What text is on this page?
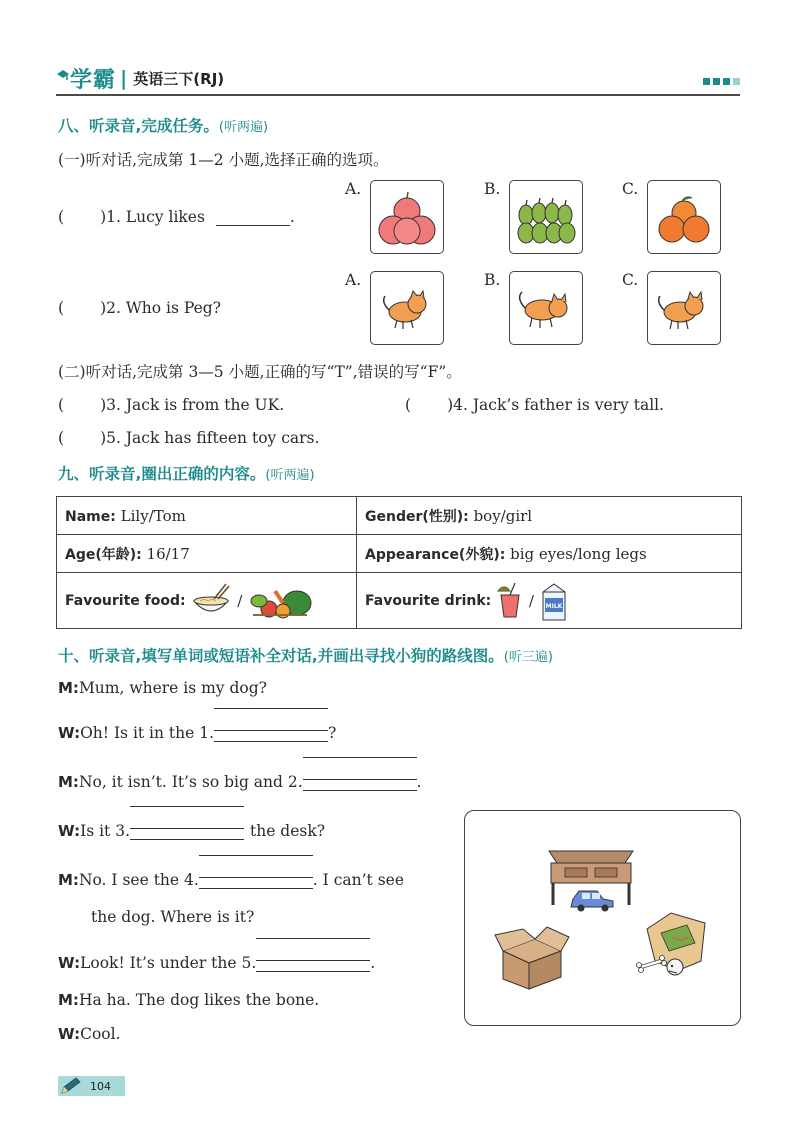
学霸 | 英语三下(RJ)
八、听录音,完成任务。(听两遍)
(一)听对话,完成第 1—2 小题,选择正确的选项。
( )1. Lucy likes	.
A.	B.	C.
( )2. Who is Peg?
A.	B.	C.
(二)听对话,完成第 3—5 小题,正确的写“T”,错误的写“F”。
( )3. Jack is from the UK.	( )4. Jack’s father is very tall.
( )5. Jack has fifteen toy cars.
九、听录音,圈出正确的内容。(听两遍)
Name: Lily/Tom	Gender(性别): boy/girl
Age(年龄): 16/17	Appearance(外貌): big eyes/long legs
Favourite food: /	Favourite drink: / MILK
十、听录音,填写单词或短语补全对话,并画出寻找小狗的路线图。(听三遍)
M:Mum, where is my dog?
W:Oh! Is it in the 1.	?
M:No, it isn’t. It’s so big and 2.	.
W:Is it 3.	the desk?
M:No. I see the 4.	. I can’t see
the dog. Where is it?
W:Look! It’s under the 5.	.
M:Ha ha. The dog likes the bone.
W:Cool.
104
